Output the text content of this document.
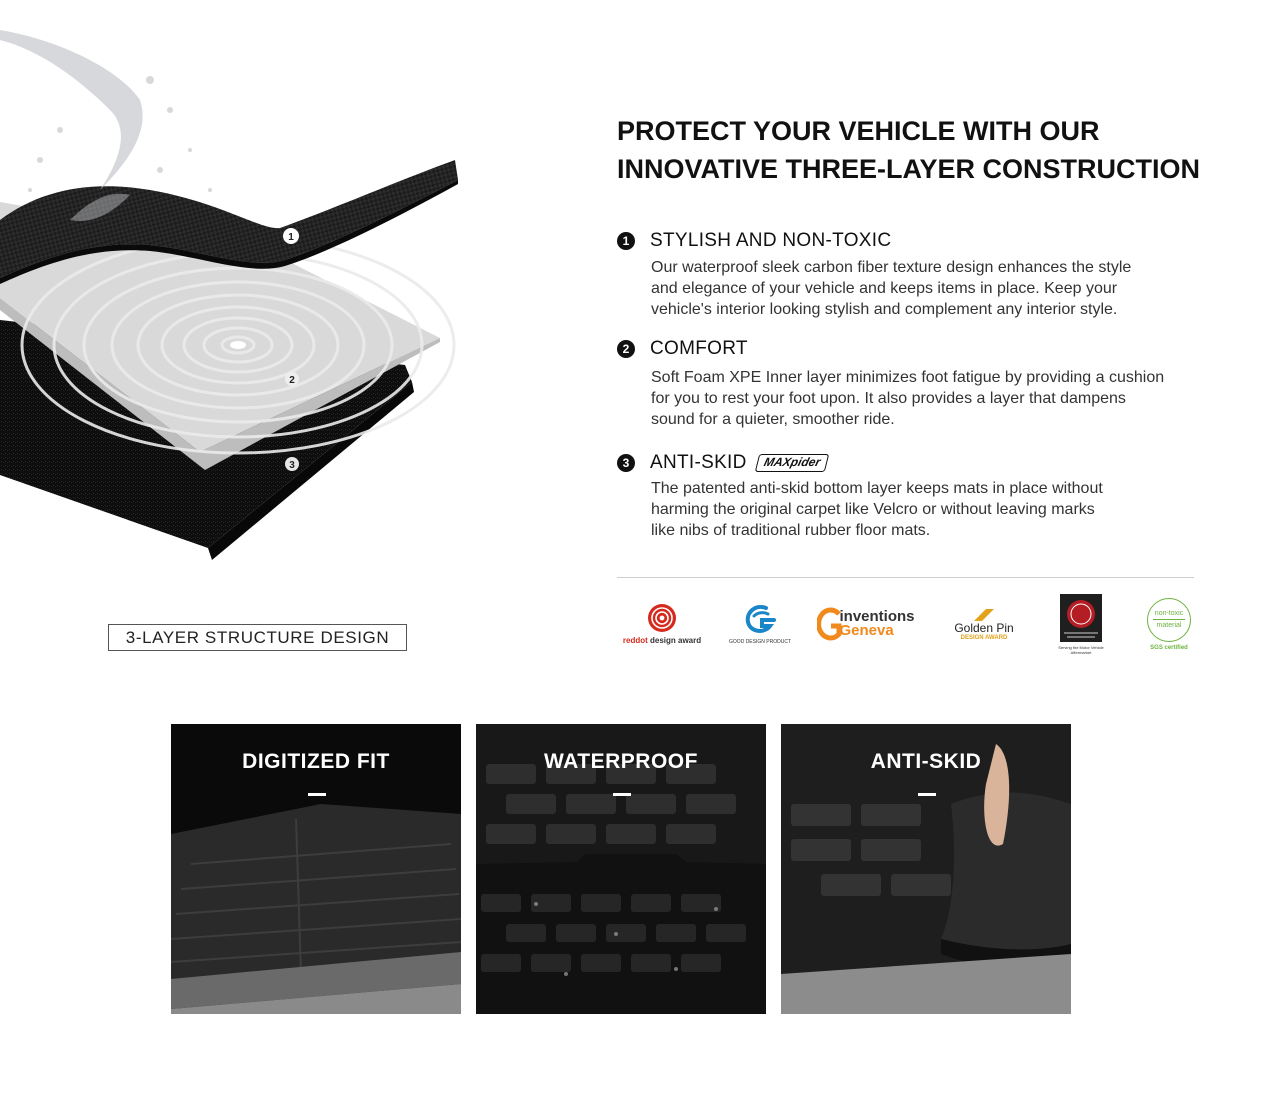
1
2
3
3-LAYER STRUCTURE DESIGN
PROTECT YOUR VEHICLE WITH OUR
INNOVATIVE THREE-LAYER CONSTRUCTION
1 STYLISH AND NON-TOXIC
Our waterproof sleek carbon fiber texture design enhances the style
and elegance of your vehicle and keeps items in place. Keep your
vehicle's interior looking stylish and complement any interior style.
2 COMFORT
Soft Foam XPE Inner layer minimizes foot fatigue by providing a cushion
for you to rest your foot upon. It also provides a layer that dampens
sound for a quieter, smoother ride.
3 ANTI-SKID	MAXpider
The patented anti-skid bottom layer keeps mats in place without
harming the original carpet like Velcro or without leaving marks
like nibs of traditional rubber floor mats.
reddot design award	GOOD DESIGN PRODUCT
inventions
Geneva	Golden Pin
DESIGN AWARD
Serving the Motor Vehicle Aftermarket
non-toxic
material
SGS certified
DIGITIZED FIT	WATERPROOF	ANTI-SKID
